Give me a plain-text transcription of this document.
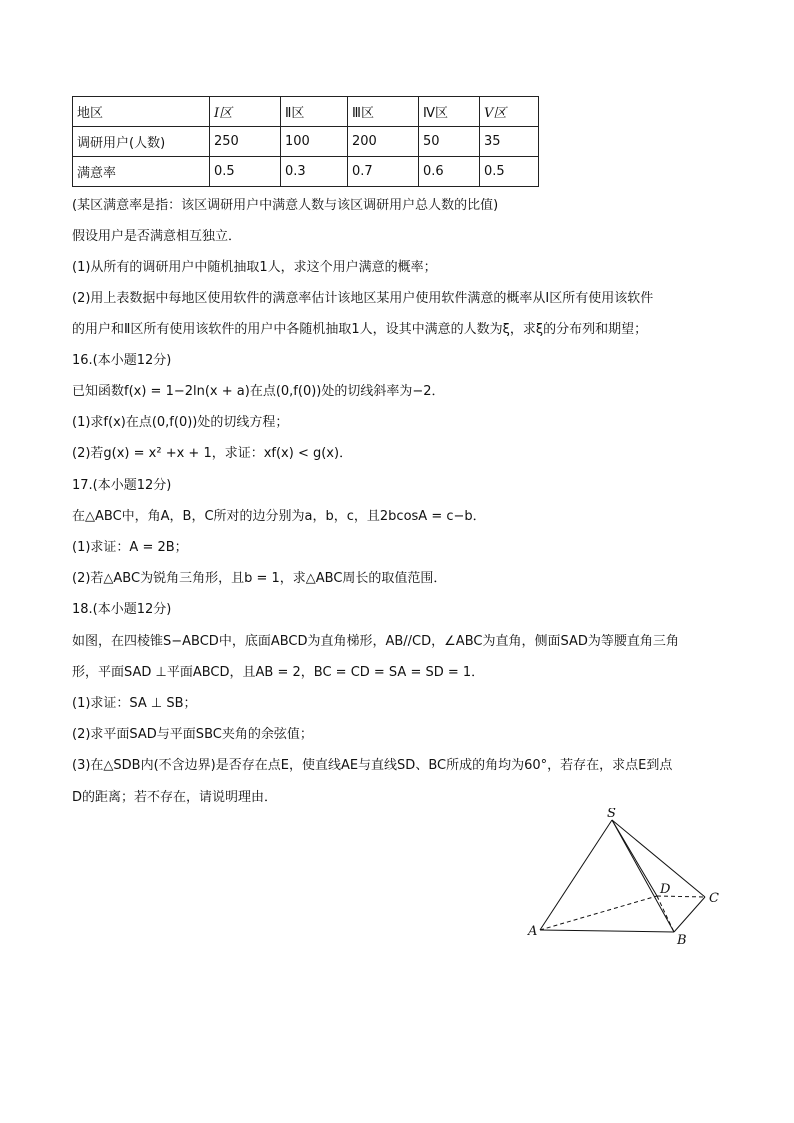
地区	I区	Ⅱ区	Ⅲ区	Ⅳ区	V区
调研用户(人数)	250	100	200	50	35
满意率	0.5	0.3	0.7	0.6	0.5
(某区满意率是指：该区调研用户中满意人数与该区调研用户总人数的比值)
假设用户是否满意相互独立．
(1)从所有的调研用户中随机抽取1人，求这个用户满意的概率；
(2)用上表数据中每地区使用软件的满意率估计该地区某用户使用软件满意的概率从Ⅰ区所有使用该软件
的用户和Ⅱ区所有使用该软件的用户中各随机抽取1人，设其中满意的人数为ξ，求ξ的分布列和期望；
16.(本小题12分)
已知函数f(x) = 1−2ln(x + a)在点(0,f(0))处的切线斜率为−2．
(1)求f(x)在点(0,f(0))处的切线方程；
(2)若g(x) = x² +x + 1，求证：xf(x) < g(x)．
17.(本小题12分)
在△ABC中，角A，B，C所对的边分别为a，b，c，且2bcosA = c−b．
(1)求证：A = 2B；
(2)若△ABC为锐角三角形，且b = 1，求△ABC周长的取值范围．
18.(本小题12分)
如图，在四棱锥S−ABCD中，底面ABCD为直角梯形，AB//CD，∠ABC为直角，侧面SAD为等腰直角三角
形，平面SAD ⊥平面ABCD，且AB = 2，BC = CD = SA = SD = 1．
(1)求证：SA ⊥ SB；
(2)求平面SAD与平面SBC夹角的余弦值；
(3)在△SDB内(不含边界)是否存在点E，使直线AE与直线SD、BC所成的角均为60°，若存在，求点E到点
D的距离；若不存在，请说明理由．
S
A
B
C
D
